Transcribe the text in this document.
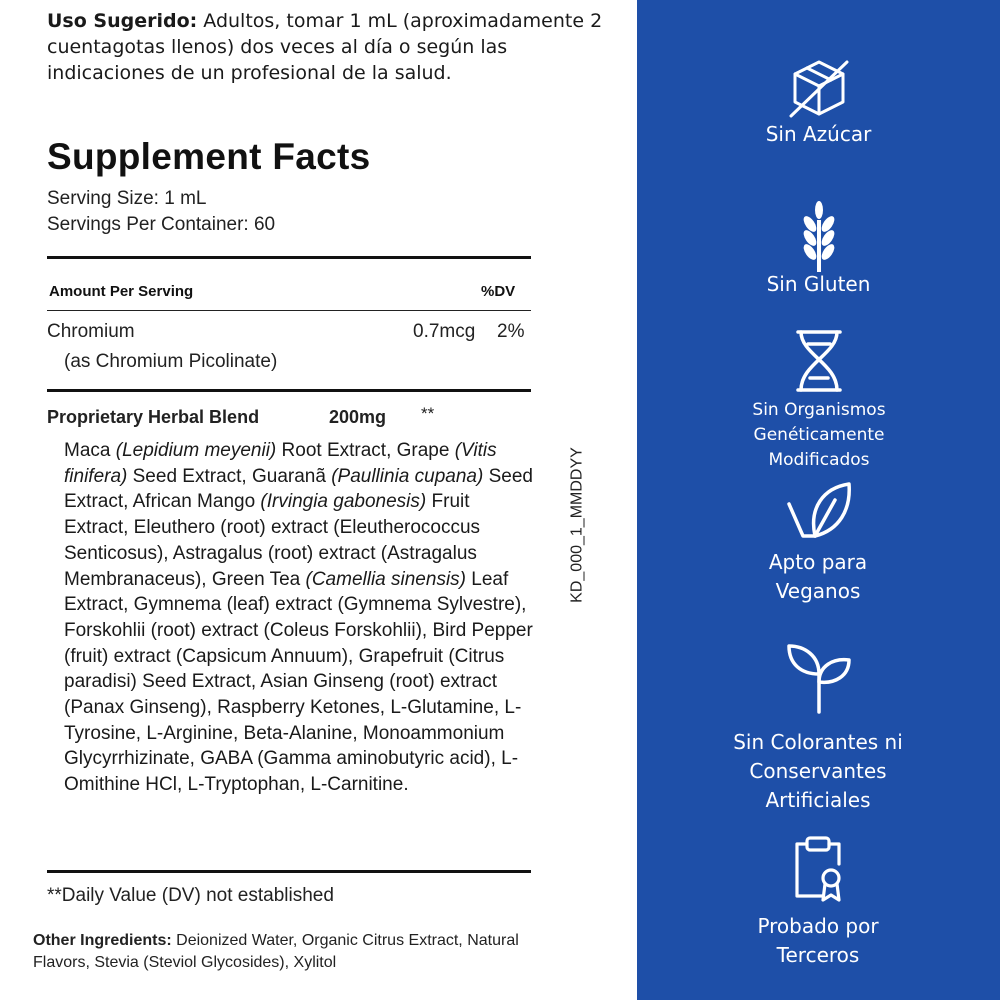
Uso Sugerido: Adultos, tomar 1 mL (aproximadamente 2 cuentagotas llenos) dos veces al día o según las indicaciones de un profesional de la salud.
Supplement Facts
Serving Size: 1 mL
Servings Per Container: 60
Amount Per Serving	%DV
Chromium	0.7mcg 2%
(as Chromium Picolinate)
Proprietary Herbal Blend	200mg **
Maca (Lepidium meyenii) Root Extract, Grape (Vitis finifera) Seed Extract, Guaranã (Paullinia cupana) Seed Extract, African Mango (Irvingia gabonesis) Fruit Extract, Eleuthero (root) extract (Eleutherococcus Senticosus), Astragalus (root) extract (Astragalus Membranaceus), Green Tea (Camellia sinensis) Leaf Extract, Gymnema (leaf) extract (Gymnema Sylvestre), Forskohlii (root) extract (Coleus Forskohlii), Bird Pepper (fruit) extract (Capsicum Annuum), Grapefruit (Citrus paradisi) Seed Extract, Asian Ginseng (root) extract (Panax Ginseng), Raspberry Ketones, L-Glutamine, L-Tyrosine, L-Arginine, Beta-Alanine, Monoammonium Glycyrrhizinate, GABA (Gamma aminobutyric acid), L-Omithine HCl, L-Tryptophan, L-Carnitine.
KD_000_1_MMDDYY
**Daily Value (DV) not established
Other Ingredients: Deionized Water, Organic Citrus Extract, Natural Flavors, Stevia (Steviol Glycosides), Xylitol
Sin Azúcar
Sin Gluten
Sin Organismos Genéticamente Modificados
Apto para Veganos
Sin Colorantes ni Conservantes Artificiales
Probado por Terceros
